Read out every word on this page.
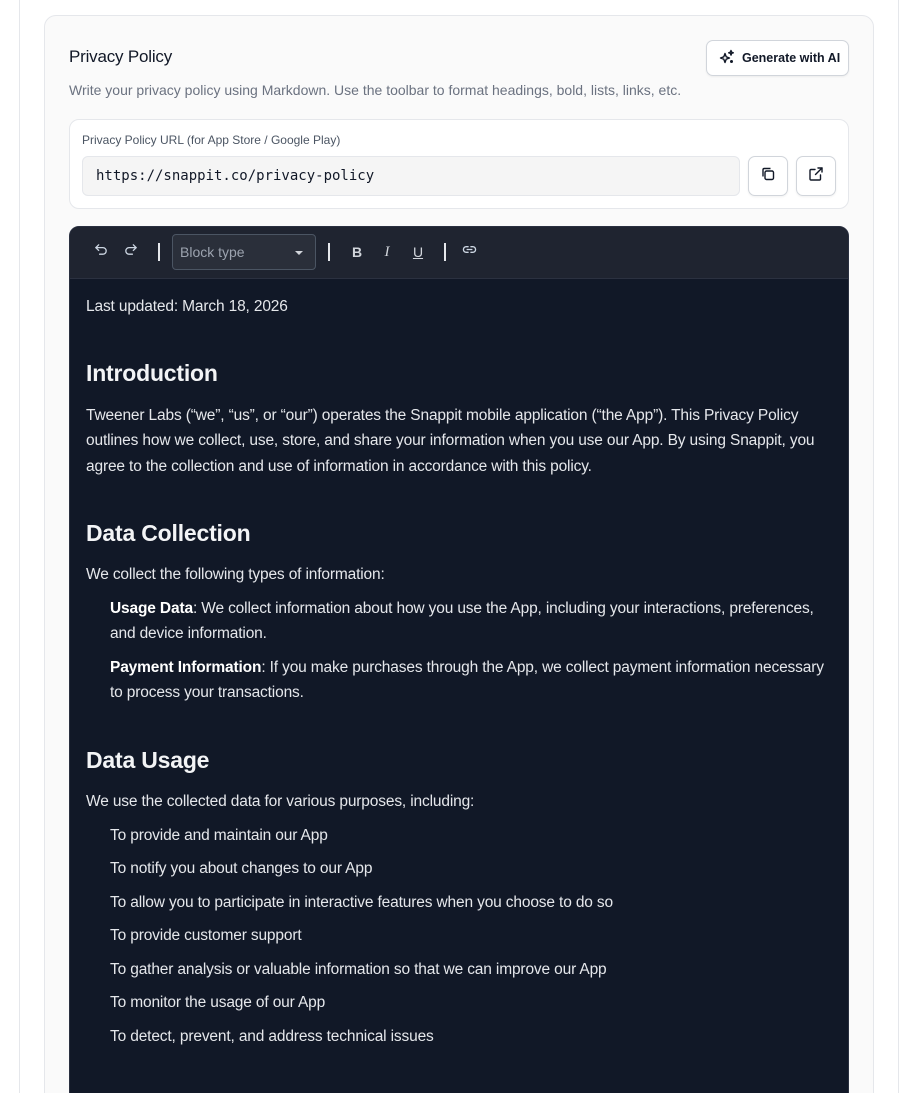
Privacy Policy
Write your privacy policy using Markdown. Use the toolbar to format headings, bold, lists, links, etc.
Generate with AI
Privacy Policy URL (for App Store / Google Play)
https://snappit.co/privacy-policy
Block type	B	I	U
Last updated: March 18, 2026
Introduction
Tweener Labs (“we”, “us”, or “our”) operates the Snappit mobile application (“the App”). This Privacy Policy
outlines how we collect, use, store, and share your information when you use our App. By using Snappit, you
agree to the collection and use of information in accordance with this policy.
Data Collection
We collect the following types of information:
Usage Data: We collect information about how you use the App, including your interactions, preferences,
and device information.
Payment Information: If you make purchases through the App, we collect payment information necessary
to process your transactions.
Data Usage
We use the collected data for various purposes, including:
To provide and maintain our App
To notify you about changes to our App
To allow you to participate in interactive features when you choose to do so
To provide customer support
To gather analysis or valuable information so that we can improve our App
To monitor the usage of our App
To detect, prevent, and address technical issues
